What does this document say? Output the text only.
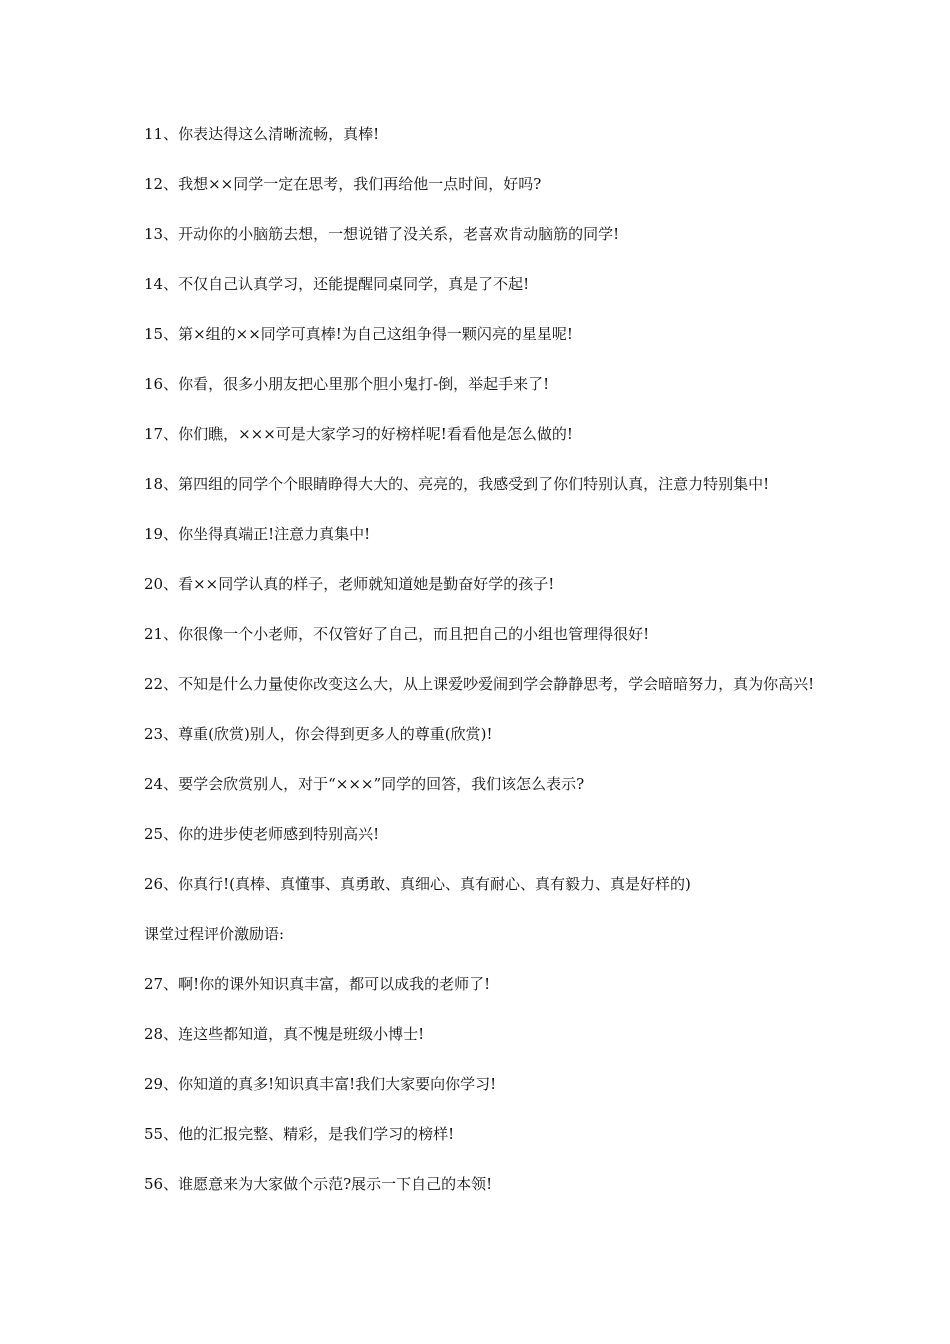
11、你表达得这么清晰流畅，真棒!

12、我想××同学一定在思考，我们再给他一点时间，好吗?

13、开动你的小脑筋去想，一想说错了没关系，老喜欢肯动脑筋的同学!

14、不仅自己认真学习，还能提醒同桌同学，真是了不起!

15、第×组的××同学可真棒!为自己这组争得一颗闪亮的星星呢!

16、你看，很多小朋友把心里那个胆小鬼打-倒，举起手来了!

17、你们瞧，×××可是大家学习的好榜样呢!看看他是怎么做的!

18、第四组的同学个个眼睛睁得大大的、亮亮的，我感受到了你们特别认真，注意力特别集中!

19、你坐得真端正!注意力真集中!

20、看××同学认真的样子，老师就知道她是勤奋好学的孩子!

21、你很像一个小老师，不仅管好了自己，而且把自己的小组也管理得很好!

22、不知是什么力量使你改变这么大，从上课爱吵爱闹到学会静静思考，学会暗暗努力，真为你高兴!

23、尊重(欣赏)别人，你会得到更多人的尊重(欣赏)!

24、要学会欣赏别人，对于“×××”同学的回答，我们该怎么表示?

25、你的进步使老师感到特别高兴!

26、你真行!(真棒、真懂事、真勇敢、真细心、真有耐心、真有毅力、真是好样的)

课堂过程评价激励语:

27、啊!你的课外知识真丰富，都可以成我的老师了!

28、连这些都知道，真不愧是班级小博士!

29、你知道的真多!知识真丰富!我们大家要向你学习!

55、他的汇报完整、精彩，是我们学习的榜样!

56、谁愿意来为大家做个示范?展示一下自己的本领!
